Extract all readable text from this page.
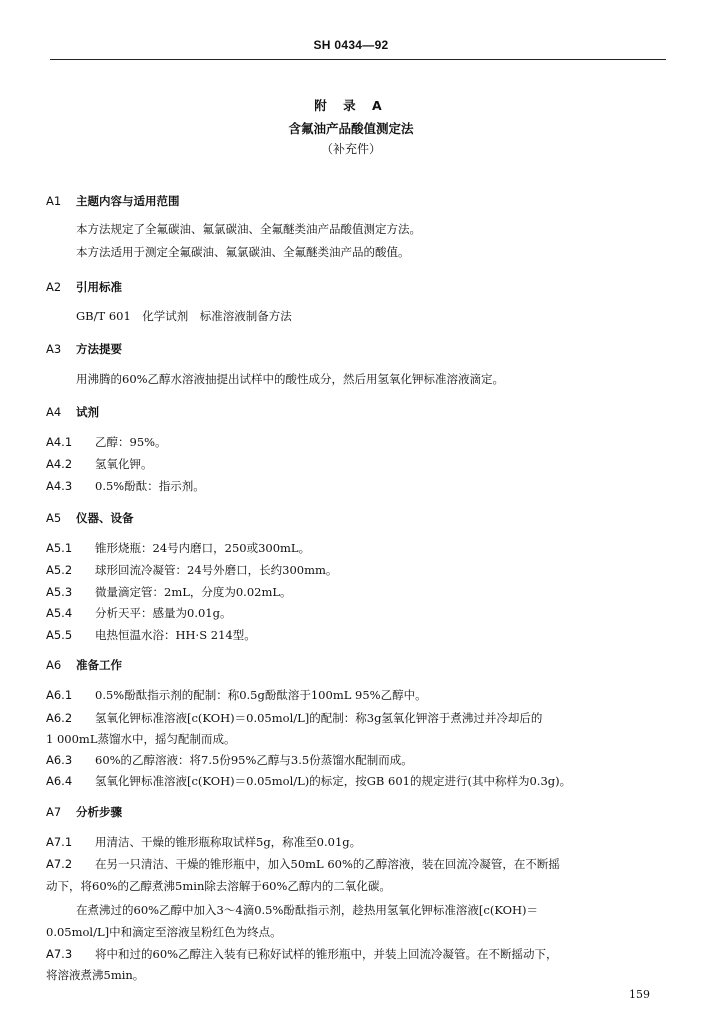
SH 0434—92
附 录 A
含氟油产品酸值测定法
（补充件）
A1 主题内容与适用范围
本方法规定了全氟碳油、氟氯碳油、全氟醚类油产品酸值测定方法。
本方法适用于测定全氟碳油、氟氯碳油、全氟醚类油产品的酸值。
A2 引用标准
GB/T 601　化学试剂　标准溶液制备方法
A3 方法提要
用沸腾的60%乙醇水溶液抽提出试样中的酸性成分，然后用氢氧化钾标准溶液滴定。
A4 试剂
A4.1 乙醇：95%。
A4.2 氢氧化钾。
A4.3 0.5%酚酞：指示剂。
A5 仪器、设备
A5.1 锥形烧瓶：24号内磨口，250或300mL。
A5.2 球形回流冷凝管：24号外磨口，长约300mm。
A5.3 微量滴定管：2mL，分度为0.02mL。
A5.4 分析天平：感量为0.01g。
A5.5 电热恒温水浴：HH·S 214型。
A6 准备工作
A6.1 0.5%酚酞指示剂的配制：称0.5g酚酞溶于100mL 95%乙醇中。
A6.2 氢氧化钾标准溶液[c(KOH)＝0.05mol/L]的配制：称3g氢氧化钾溶于煮沸过并冷却后的
1 000mL蒸馏水中，摇匀配制而成。
A6.3 60%的乙醇溶液：将7.5份95%乙醇与3.5份蒸馏水配制而成。
A6.4 氢氧化钾标准溶液[c(KOH)＝0.05mol/L)的标定，按GB 601的规定进行(其中称样为0.3g)。
A7 分析步骤
A7.1 用清洁、干燥的锥形瓶称取试样5g，称准至0.01g。
A7.2 在另一只清洁、干燥的锥形瓶中，加入50mL 60%的乙醇溶液，装在回流冷凝管，在不断摇
动下，将60%的乙醇煮沸5min除去溶解于60%乙醇内的二氧化碳。
在煮沸过的60%乙醇中加入3～4滴0.5%酚酞指示剂，趁热用氢氧化钾标准溶液[c(KOH)＝
0.05mol/L]中和滴定至溶液呈粉红色为终点。
A7.3 将中和过的60%乙醇注入装有已称好试样的锥形瓶中，并装上回流冷凝管。在不断摇动下，
将溶液煮沸5min。
159
